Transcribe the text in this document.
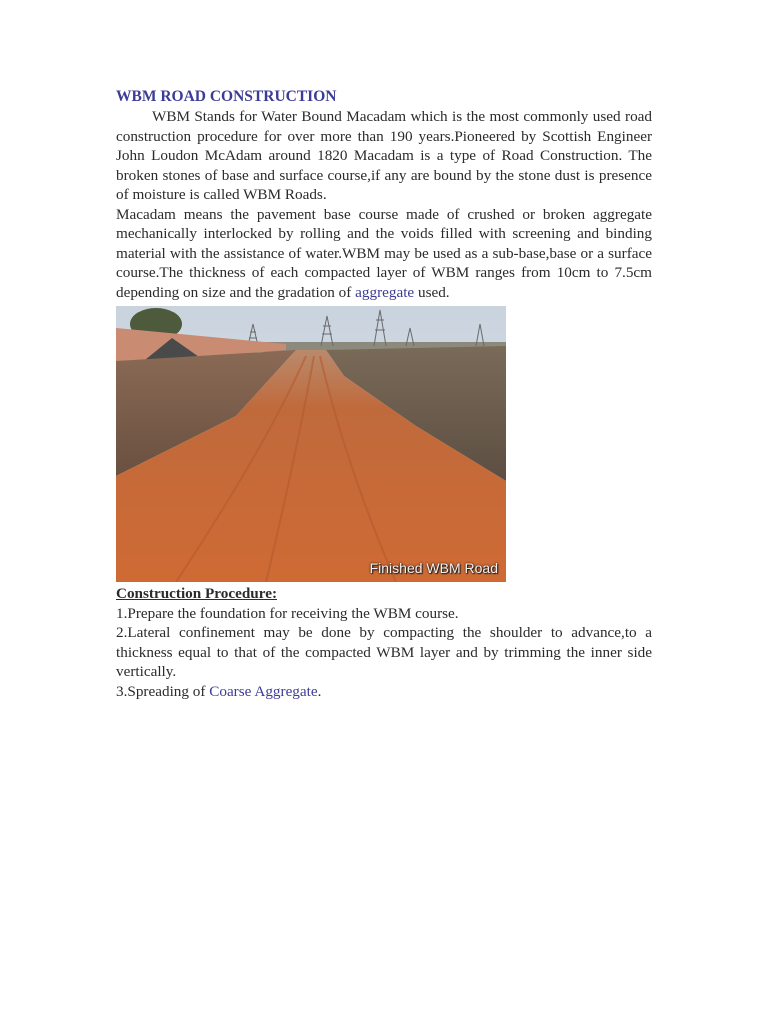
WBM ROAD CONSTRUCTION

WBM Stands for Water Bound Macadam which is the most commonly used road construction procedure for over more than 190 years.Pioneered by Scottish Engineer John Loudon McAdam around 1820 Macadam is a type of Road Construction. The broken stones of base and surface course,if any are bound by the stone dust is presence of moisture is called WBM Roads.

Macadam means the pavement base course made of crushed or broken aggregate mechanically interlocked by rolling and the voids filled with screening and binding material with the assistance of water.WBM may be used as a sub-base,base or a surface course.The thickness of each compacted layer of WBM ranges from 10cm to 7.5cm depending on size and the gradation of aggregate used.

Finished WBM Road

Construction Procedure:

1.Prepare the foundation for receiving the WBM course.

2.Lateral confinement may be done by compacting the shoulder to advance,to a thickness equal to that of the compacted WBM layer and by trimming the inner side vertically.

3.Spreading of Coarse Aggregate.
